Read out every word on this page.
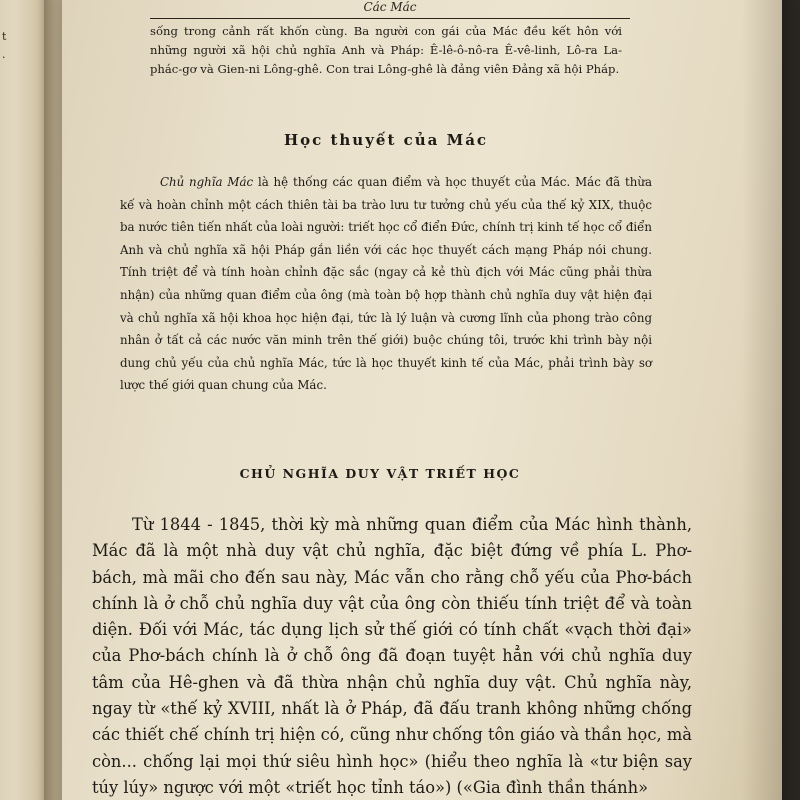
t
.
$^{Các Mác}$
sống trong cảnh rất khốn cùng. Ba người con gái của Mác đều kết hôn với những người xã hội chủ nghĩa Anh và Pháp: Ê-lê-ô-nô-ra Ê-vê-linh, Lô-ra La-phác-gơ và Gien-ni Lông-ghê. Con trai Lông-ghê là đảng viên Đảng xã hội Pháp.
Học thuyết của Mác
Chủ nghĩa Mác là hệ thống các quan điểm và học thuyết của Mác. Mác đã thừa kế và hoàn chỉnh một cách thiên tài ba trào lưu tư tưởng chủ yếu của thế kỷ XIX, thuộc ba nước tiên tiến nhất của loài người: triết học cổ điển Đức, chính trị kinh tế học cổ điển Anh và chủ nghĩa xã hội Pháp gắn liền với các học thuyết cách mạng Pháp nói chung. Tính triệt để và tính hoàn chỉnh đặc sắc (ngay cả kẻ thù địch với Mác cũng phải thừa nhận) của những quan điểm của ông (mà toàn bộ hợp thành chủ nghĩa duy vật hiện đại và chủ nghĩa xã hội khoa học hiện đại, tức là lý luận và cương lĩnh của phong trào công nhân ở tất cả các nước văn minh trên thế giới) buộc chúng tôi, trước khi trình bày nội dung chủ yếu của chủ nghĩa Mác, tức là học thuyết kinh tế của Mác, phải trình bày sơ lược thế giới quan chung của Mác.
CHỦ NGHĨA DUY VẬT TRIẾT HỌC
Từ 1844 - 1845, thời kỳ mà những quan điểm của Mác hình thành, Mác đã là một nhà duy vật chủ nghĩa, đặc biệt đứng về phía L. Phơ-bách, mà mãi cho đến sau này, Mác vẫn cho rằng chỗ yếu của Phơ-bách chính là ở chỗ chủ nghĩa duy vật của ông còn thiếu tính triệt để và toàn diện. Đối với Mác, tác dụng lịch sử thế giới có tính chất «vạch thời đại» của Phơ-bách chính là ở chỗ ông đã đoạn tuyệt hẳn với chủ nghĩa duy tâm của Hê-ghen và đã thừa nhận chủ nghĩa duy vật. Chủ nghĩa này, ngay từ «thế kỷ XVIII, nhất là ở Pháp, đã đấu tranh không những chống các thiết chế chính trị hiện có, cũng như chống tôn giáo và thần học, mà còn... chống lại mọi thứ siêu hình học» (hiểu theo nghĩa là «tư biện say túy lúy» ngược với một «triết học tỉnh táo») («Gia đình thần thánh»
